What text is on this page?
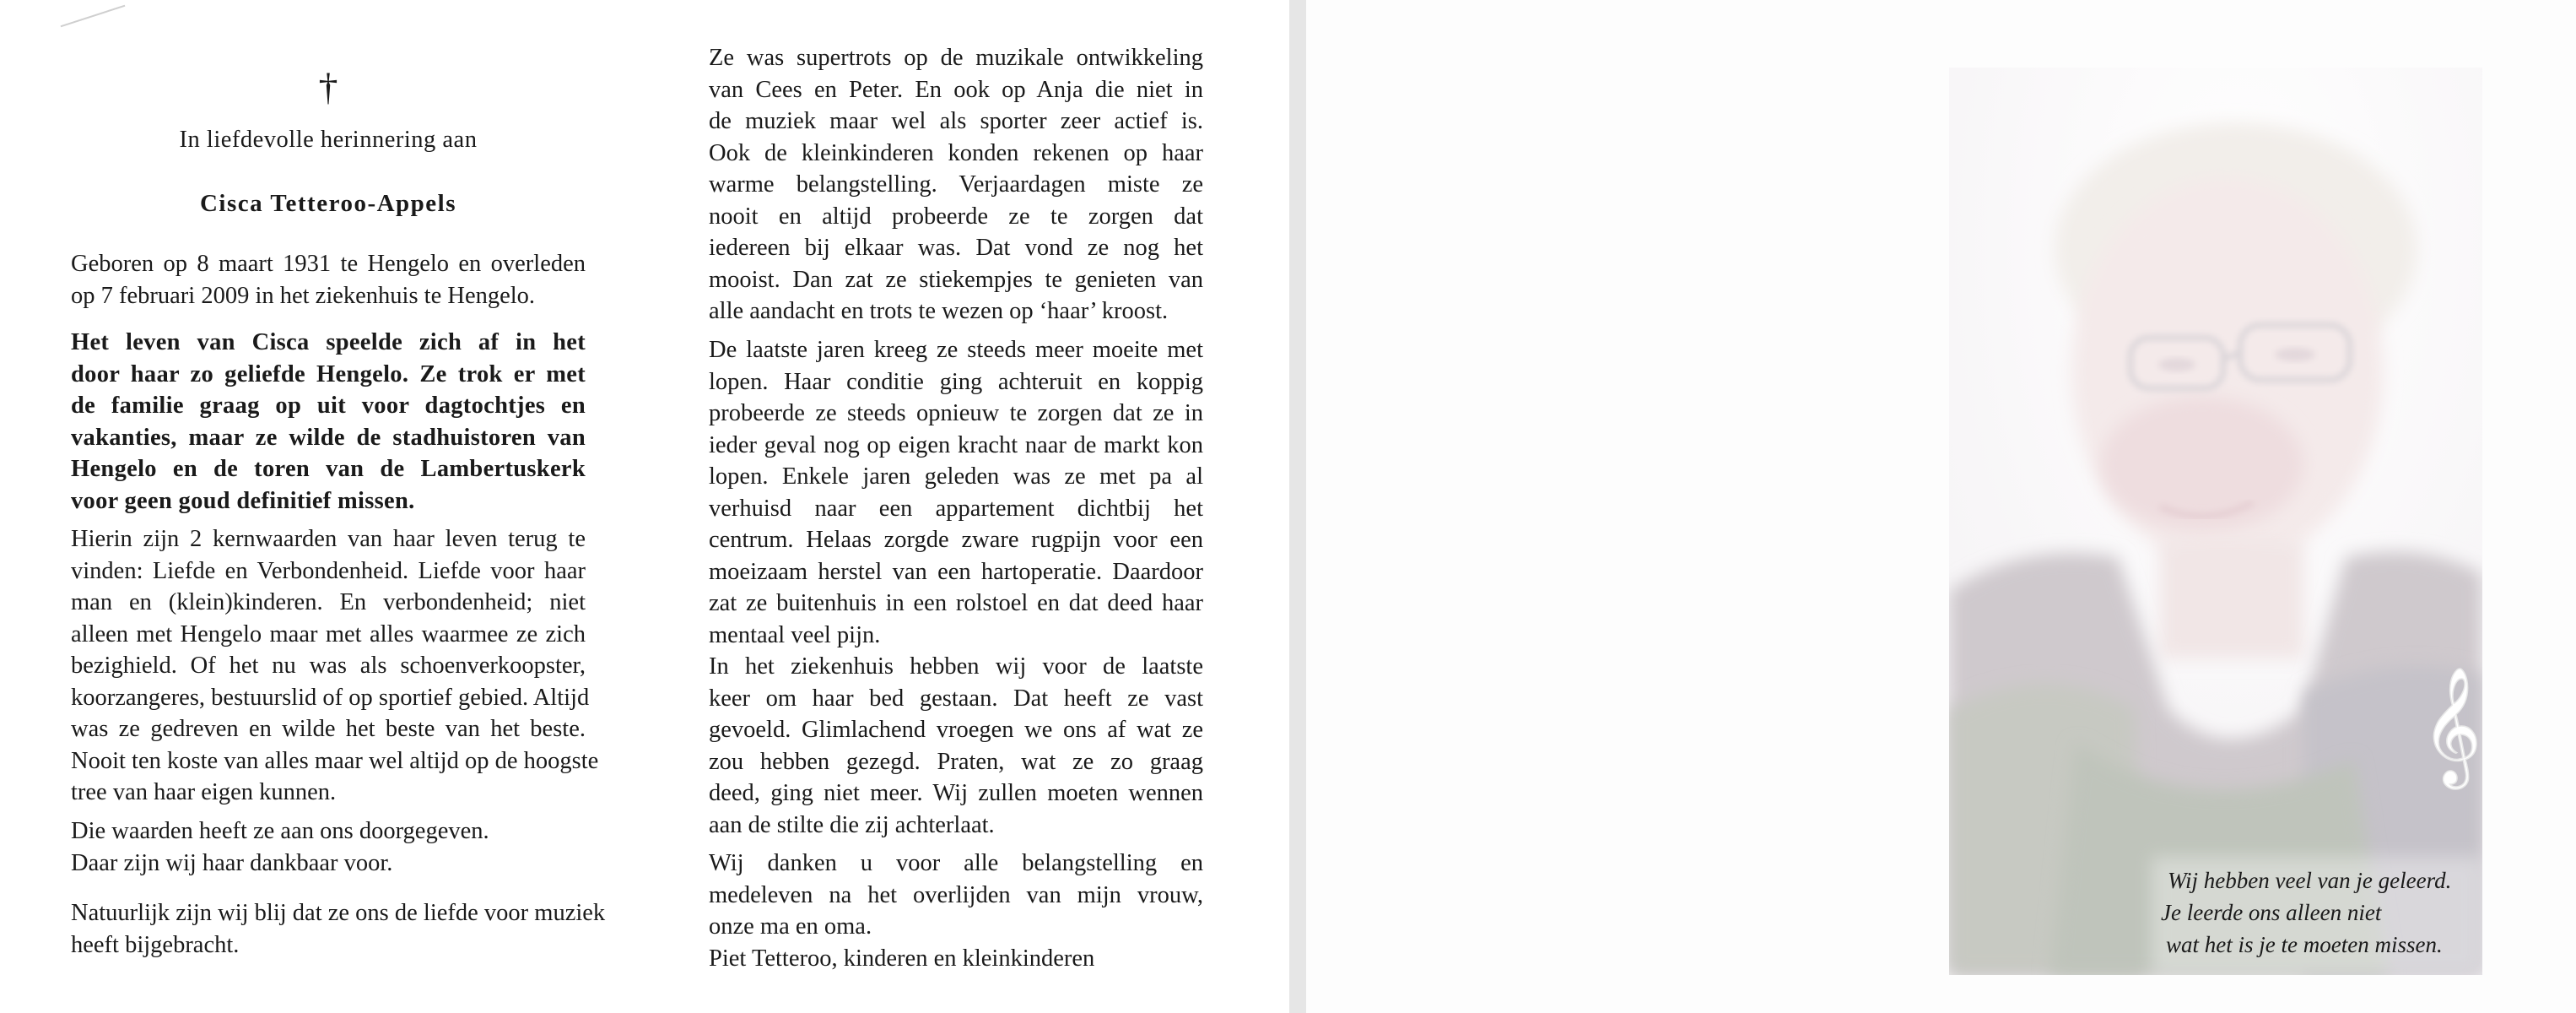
†
In liefdevolle herinnering aan
Cisca Tetteroo-Appels
Geboren op 8 maart 1931 te Hengelo en overleden
op 7 februari 2009 in het ziekenhuis te Hengelo.
Het leven van Cisca speelde zich af in het
door haar zo geliefde Hengelo. Ze trok er met
de familie graag op uit voor dagtochtjes en
vakanties, maar ze wilde de stadhuistoren van
Hengelo en de toren van de Lambertuskerk
voor geen goud definitief missen.
Hierin zijn 2 kernwaarden van haar leven terug te
vinden: Liefde en Verbondenheid. Liefde voor haar
man en (klein)kinderen. En verbondenheid; niet
alleen met Hengelo maar met alles waarmee ze zich
bezighield. Of het nu was als schoenverkoopster,
koorzangeres, bestuurslid of op sportief gebied. Altijd
was ze gedreven en wilde het beste van het beste.
Nooit ten koste van alles maar wel altijd op de hoogste
tree van haar eigen kunnen.
Die waarden heeft ze aan ons doorgegeven.
Daar zijn wij haar dankbaar voor.
Natuurlijk zijn wij blij dat ze ons de liefde voor muziek
heeft bijgebracht.
Ze was supertrots op de muzikale ontwikkeling
van Cees en Peter. En ook op Anja die niet in
de muziek maar wel als sporter zeer actief is.
Ook de kleinkinderen konden rekenen op haar
warme belangstelling. Verjaardagen miste ze
nooit en altijd probeerde ze te zorgen dat
iedereen bij elkaar was. Dat vond ze nog het
mooist. Dan zat ze stiekempjes te genieten van
alle aandacht en trots te wezen op ‘haar’ kroost.
De laatste jaren kreeg ze steeds meer moeite met
lopen. Haar conditie ging achteruit en koppig
probeerde ze steeds opnieuw te zorgen dat ze in
ieder geval nog op eigen kracht naar de markt kon
lopen. Enkele jaren geleden was ze met pa al
verhuisd naar een appartement dichtbij het
centrum. Helaas zorgde zware rugpijn voor een
moeizaam herstel van een hartoperatie. Daardoor
zat ze buitenhuis in een rolstoel en dat deed haar
mentaal veel pijn.
In het ziekenhuis hebben wij voor de laatste
keer om haar bed gestaan. Dat heeft ze vast
gevoeld. Glimlachend vroegen we ons af wat ze
zou hebben gezegd. Praten, wat ze zo graag
deed, ging niet meer. Wij zullen moeten wennen
aan de stilte die zij achterlaat.
Wij danken u voor alle belangstelling en
medeleven na het overlijden van mijn vrouw,
onze ma en oma.
Piet Tetteroo, kinderen en kleinkinderen
𝄞
Wij hebben veel van je geleerd.
Je leerde ons alleen niet
wat het is je te moeten missen.
